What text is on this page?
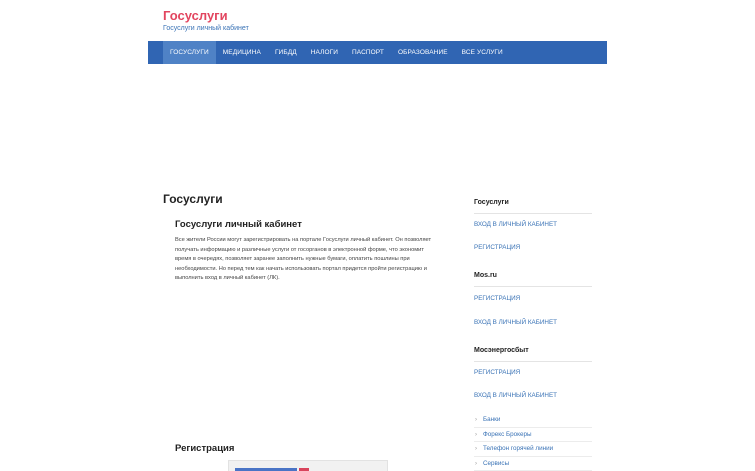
Госуслуги
Госуслуги личный кабинет
ГОСУСЛУГИ	МЕДИЦИНА	ГИБДД	НАЛОГИ	ПАСПОРТ	ОБРАЗОВАНИЕ	ВСЕ УСЛУГИ
Госуслуги
Госуслуги личный кабинет

Все жители России могут зарегистрировать на портале Госуслуги личный кабинет. Он позволяет получать информацию и различные услуги от госорганов в электронной форме, что экономит время в очередях, позволяет заранее заполнить нужные бумаги, оплатить пошлины при необходимости. Но перед тем как начать использовать портал придется пройти регистрацию и выполнить вход в личный кабинет (ЛК).

Регистрация
Госуслуги
ВХОД В ЛИЧНЫЙ КАБИНЕТ
РЕГИСТРАЦИЯ
Mos.ru
РЕГИСТРАЦИЯ
ВХОД В ЛИЧНЫЙ КАБИНЕТ
Мосэнергосбыт
РЕГИСТРАЦИЯ
ВХОД В ЛИЧНЫЙ КАБИНЕТ
› Банки
› Форекс Брокеры
› Телефон горячей линии
› Сервисы
